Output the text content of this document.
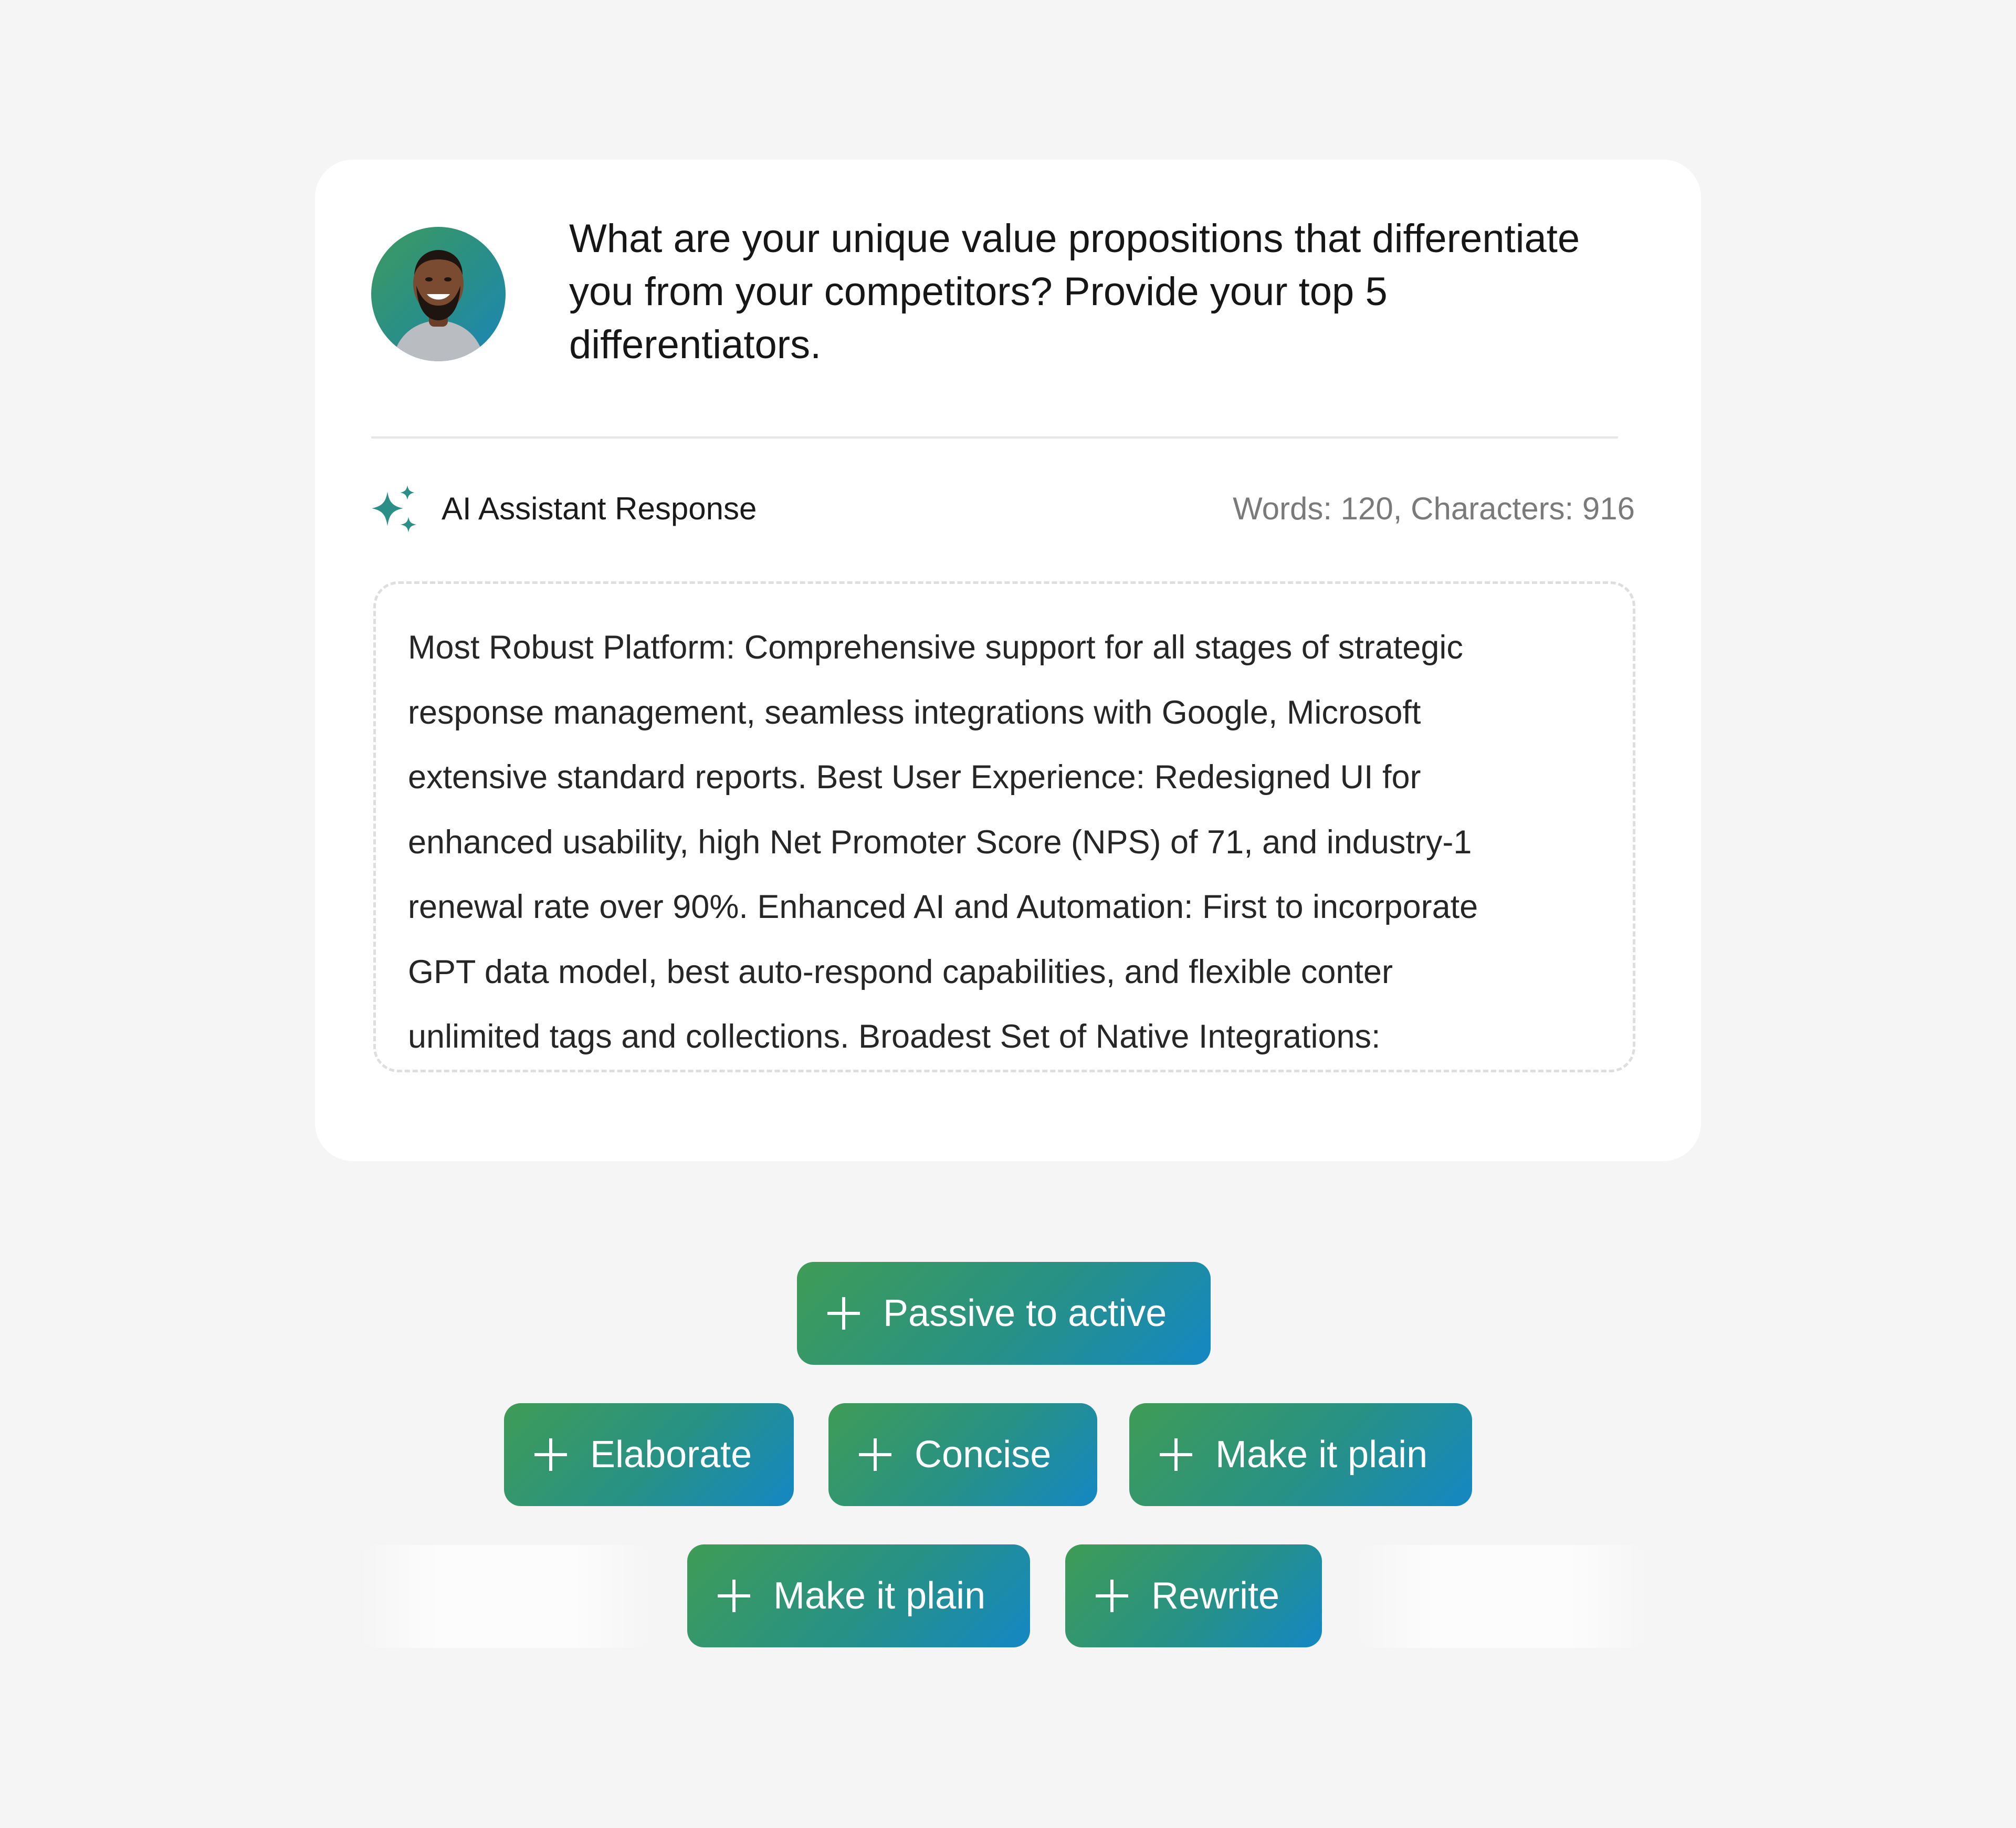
What are your unique value propositions that differentiate you from your competitors? Provide your top 5 differentiators.

AI Assistant Response	Words: 120, Characters: 916

Most Robust Platform: Comprehensive support for all stages of strategic
response management, seamless integrations with Google, Microsoft
extensive standard reports. Best User Experience: Redesigned UI for
enhanced usability, high Net Promoter Score (NPS) of 71, and industry-1
renewal rate over 90%. Enhanced AI and Automation: First to incorporate
GPT data model, best auto-respond capabilities, and flexible conter
unlimited tags and collections. Broadest Set of Native Integrations:

Passive to active
Elaborate	Concise	Make it plain
Make it plain	Rewrite
